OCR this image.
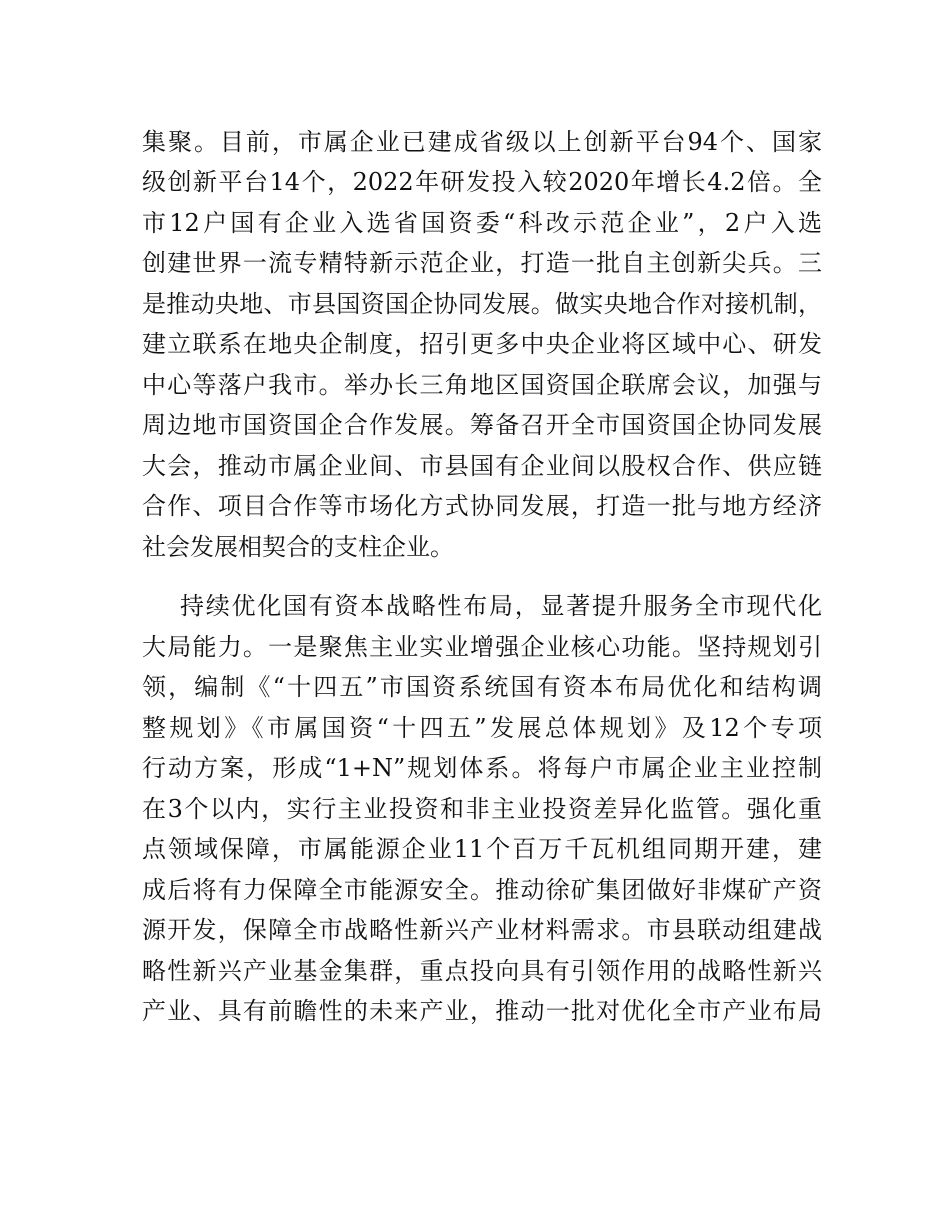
集聚。目前，市属企业已建成省级以上创新平台94个、国家
级创新平台14个，2022年研发投入较2020年增长4.2倍。全
市12户国有企业入选省国资委“科改示范企业”，2户入选
创建世界一流专精特新示范企业，打造一批自主创新尖兵。三
是推动央地、市县国资国企协同发展。做实央地合作对接机制，
建立联系在地央企制度，招引更多中央企业将区域中心、研发
中心等落户我市。举办长三角地区国资国企联席会议，加强与
周边地市国资国企合作发展。筹备召开全市国资国企协同发展
大会，推动市属企业间、市县国有企业间以股权合作、供应链
合作、项目合作等市场化方式协同发展，打造一批与地方经济
社会发展相契合的支柱企业。
持续优化国有资本战略性布局，显著提升服务全市现代化
大局能力。一是聚焦主业实业增强企业核心功能。坚持规划引
领，编制《“十四五”市国资系统国有资本布局优化和结构调
整规划》《市属国资“十四五”发展总体规划》及12个专项
行动方案，形成“1+N”规划体系。将每户市属企业主业控制
在3个以内，实行主业投资和非主业投资差异化监管。强化重
点领域保障，市属能源企业11个百万千瓦机组同期开建，建
成后将有力保障全市能源安全。推动徐矿集团做好非煤矿产资
源开发，保障全市战略性新兴产业材料需求。市县联动组建战
略性新兴产业基金集群，重点投向具有引领作用的战略性新兴
产业、具有前瞻性的未来产业，推动一批对优化全市产业布局
